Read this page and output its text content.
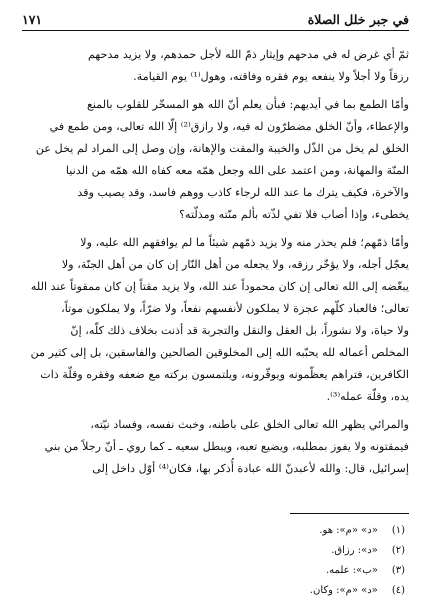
في جبر خلل الصلاة
١٧١
ثمّ أي غرض له في مدحهم وإيثار ذمّ الله لأجل حمدهم، ولا يزيد مدحهم
رزقاً ولا أجلاً ولا ينفعه يوم فقره وفاقته، وهول⁽¹⁾ يوم القيامة.
وأمّا الطمع بما في أيديهم: فبأن يعلم أنّ الله هو المسخّر للقلوب بالمنع
والإعطاء، وأنّ الخلق مضطرّون له فيه، ولا رازق⁽²⁾ إلّا الله تعالى، ومن طمع في
الخلق لم يخل من الذّل والخيبة والمقت والإهانة، وإن وصل إلى المراد لم يخل عن
المنّة والمهانة، ومن اعتمد على الله وجعل همّه معه كفاه الله همّه من الدنيا
والآخرة، فكيف يترك ما عند الله لرجاء كاذب ووهم فاسد، وقد يصيب وقد
يخطىء، وإذا أصاب فلا تفي لذّته بألم منّته ومذلّته؟
وأمّا ذمّهم؛ فلم يحذر منه ولا يزيد ذمّهم شيئاً ما لم يوافقهم الله عليه، ولا
يعجّل أجله، ولا يؤخّر رزقه، ولا يجعله من أهل النّار إن كان من أهل الجنّة، ولا
يبغّضه إلى الله تعالى إن كان محموداً عند الله، ولا يزيد مقتاً إن كان ممقوتاً عند الله
تعالى؛ فالعباد كلّهم عجزة لا يملكون لأنفسهم نفعاً، ولا ضرّاً، ولا يملكون موتاً،
ولا حياة، ولا نشوراً، بل العقل والنقل والتجربة قد أذنت بخلاف ذلك كلّه، إنّ
المخلص أعماله لله يحبّبه الله إلى المخلوقين الصالحين والفاسقين، بل إلى كثير من
الكافرين، فتراهم يعظّمونه ويوقّرونه، ويلتمسون بركته مع ضعفه وفقره وقلّة ذات
يده، وقلّة عمله⁽³⁾.
والمرائي يظهر الله تعالى الخلق على باطنه، وخبث نفسه، وفساد نيّته،
فيمقتونه ولا يفوز بمطلبه، ويضيع تعبه، ويبطل سعيه ـ كما روي ـ أنّ رجلاً من بني
إسرائيل، قال: والله لأعبدنّ الله عبادة أُذكر بها، فكان⁽⁴⁾ أوّل داخل إلى
(١) «د» «م»: هو.
(٢) «د»: رزاق.
(٣) «ب»: علمه.
(٤) «د» «م»: وكان.
